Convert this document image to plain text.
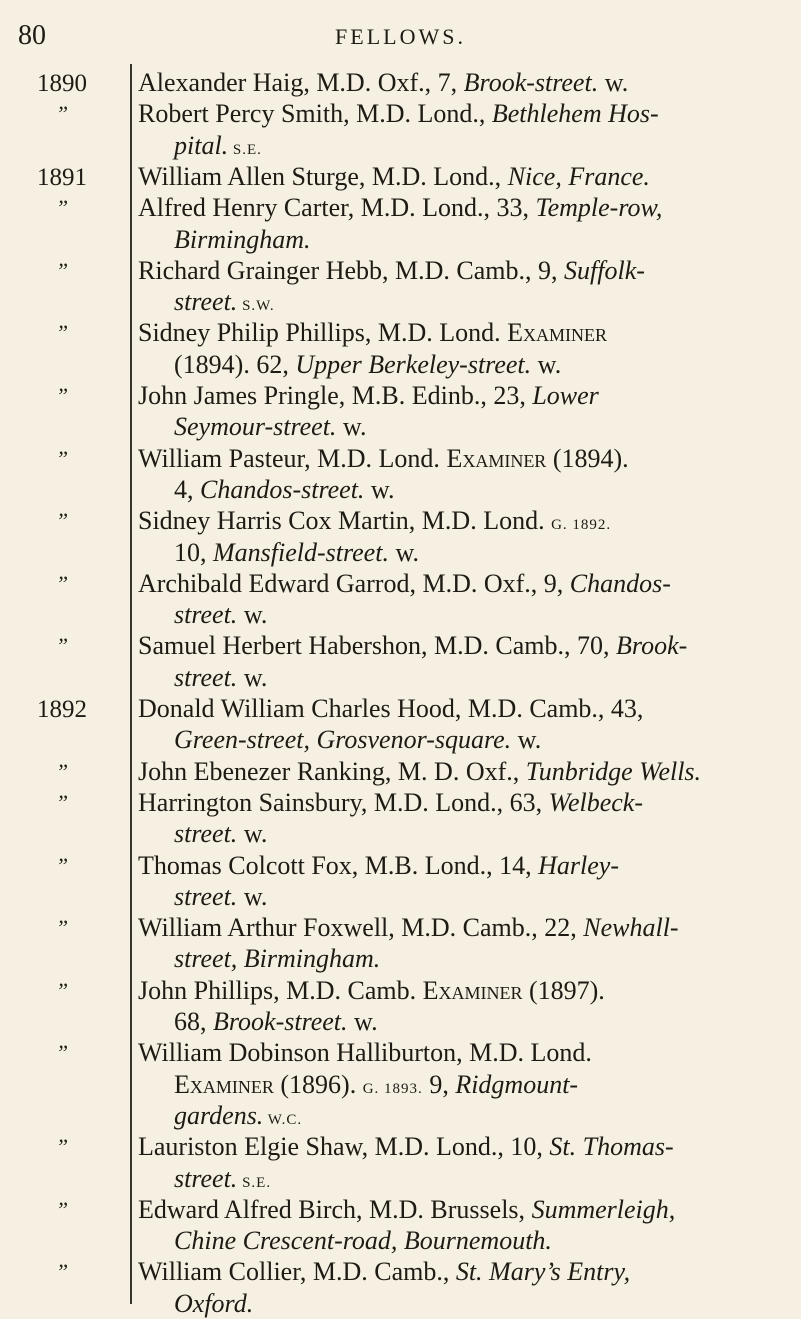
80	FELLOWS.
1890
”
1891
”
”
”
”
”
”
”
”
1892
”
”
”
”
”
”
”
”
”
Alexander Haig, M.D. Oxf., 7, Brook-street. w.
Robert Percy Smith, M.D. Lond., Bethlehem Hos-
pital. S.E.
William Allen Sturge, M.D. Lond., Nice, France.
Alfred Henry Carter, M.D. Lond., 33, Temple-row,
Birmingham.
Richard Grainger Hebb, M.D. Camb., 9, Suffolk-
street. S.W.
Sidney Philip Phillips, M.D. Lond. Examiner
(1894). 62, Upper Berkeley-street. w.
John James Pringle, M.B. Edinb., 23, Lower
Seymour-street. w.
William Pasteur, M.D. Lond. Examiner (1894).
4, Chandos-street. w.
Sidney Harris Cox Martin, M.D. Lond. G. 1892.
10, Mansfield-street. w.
Archibald Edward Garrod, M.D. Oxf., 9, Chandos-
street. w.
Samuel Herbert Habershon, M.D. Camb., 70, Brook-
street. w.
Donald William Charles Hood, M.D. Camb., 43,
Green-street, Grosvenor-square. w.
John Ebenezer Ranking, M. D. Oxf., Tunbridge Wells.
Harrington Sainsbury, M.D. Lond., 63, Welbeck-
street. w.
Thomas Colcott Fox, M.B. Lond., 14, Harley-
street. w.
William Arthur Foxwell, M.D. Camb., 22, Newhall-
street, Birmingham.
John Phillips, M.D. Camb. Examiner (1897).
68, Brook-street. w.
William Dobinson Halliburton, M.D. Lond.
Examiner (1896). G. 1893. 9, Ridgmount-
gardens. W.C.
Lauriston Elgie Shaw, M.D. Lond., 10, St. Thomas-
street. S.E.
Edward Alfred Birch, M.D. Brussels, Summerleigh,
Chine Crescent-road, Bournemouth.
William Collier, M.D. Camb., St. Mary’s Entry,
Oxford.
